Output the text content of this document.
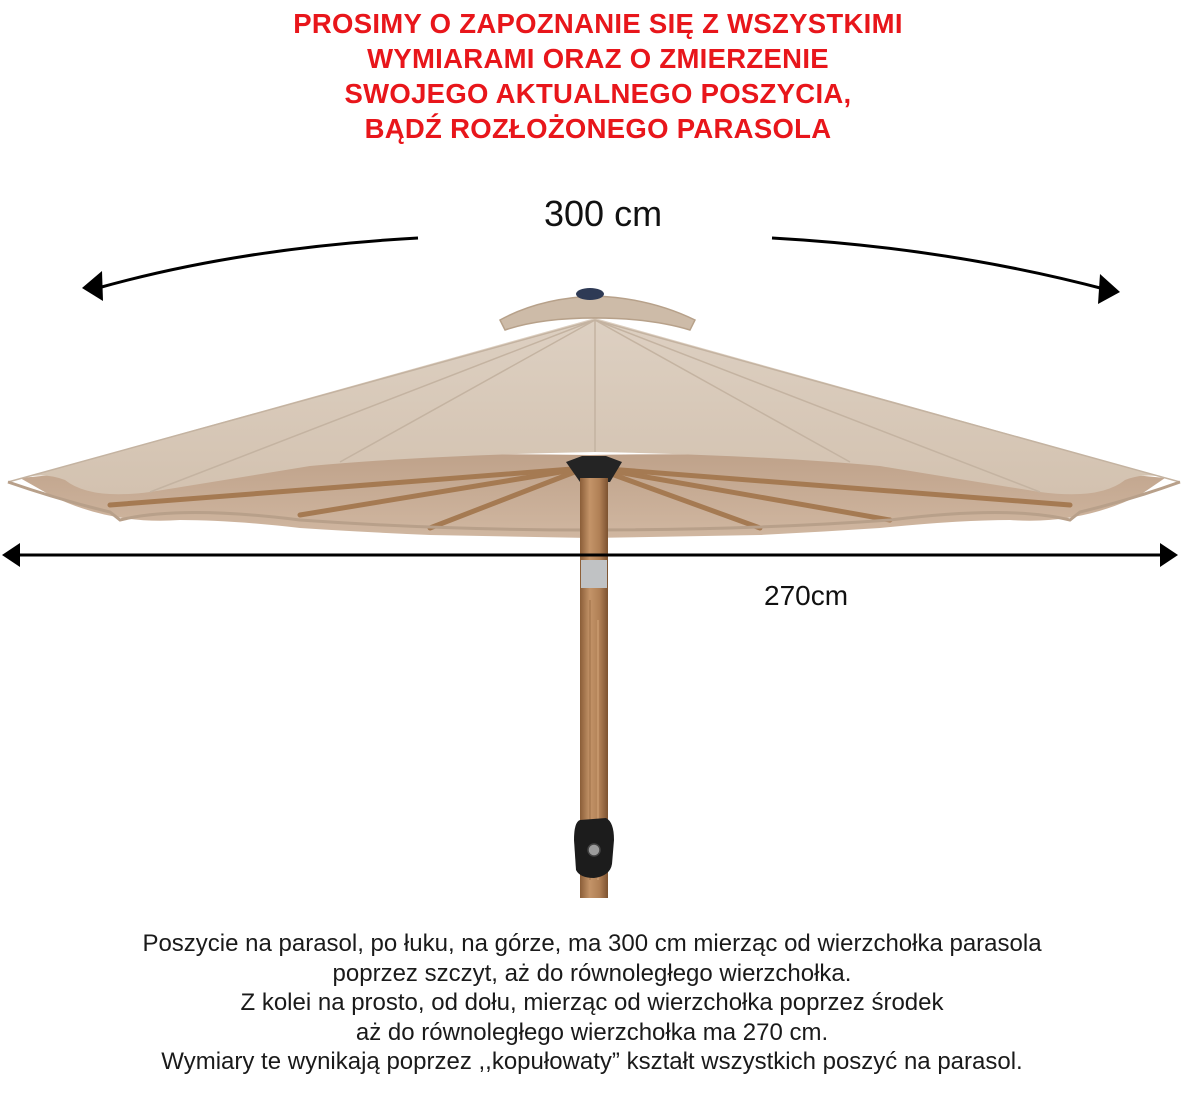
PROSIMY O ZAPOZNANIE SIĘ Z WSZYSTKIMI
WYMIARAMI ORAZ O ZMIERZENIE
SWOJEGO AKTUALNEGO POSZYCIA,
BĄDŹ ROZŁOŻONEGO PARASOLA
300 cm
270cm
Poszycie na parasol, po łuku, na górze, ma 300 cm mierząc od wierzchołka parasola
poprzez szczyt, aż do równoległego wierzchołka.
Z kolei na prosto, od dołu, mierząc od wierzchołka poprzez środek
aż do równoległego wierzchołka ma 270 cm.
Wymiary te wynikają poprzez ,,kopułowaty” kształt wszystkich poszyć na parasol.
